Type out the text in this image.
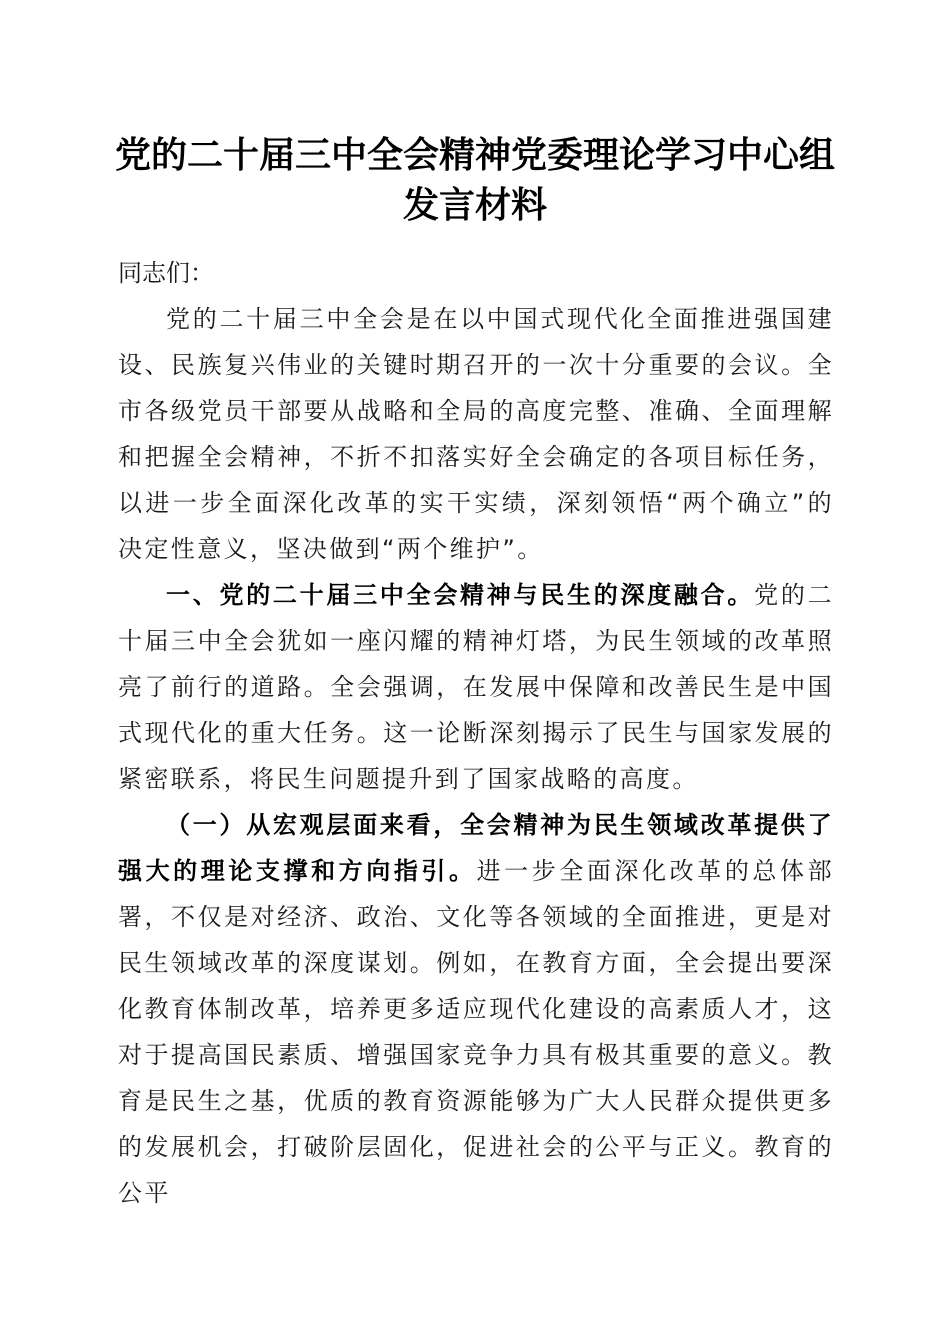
党的二十届三中全会精神党委理论学习中心组
发言材料

同志们：

党的二十届三中全会是在以中国式现代化全面推进强国建设、民族复兴伟业的关键时期召开的一次十分重要的会议。全市各级党员干部要从战略和全局的高度完整、准确、全面理解和把握全会精神，不折不扣落实好全会确定的各项目标任务，以进一步全面深化改革的实干实绩，深刻领悟“两个确立”的决定性意义，坚决做到“两个维护”。

一、党的二十届三中全会精神与民生的深度融合。党的二十届三中全会犹如一座闪耀的精神灯塔，为民生领域的改革照亮了前行的道路。全会强调，在发展中保障和改善民生是中国式现代化的重大任务。这一论断深刻揭示了民生与国家发展的紧密联系，将民生问题提升到了国家战略的高度。

（一）从宏观层面来看，全会精神为民生领域改革提供了强大的理论支撑和方向指引。进一步全面深化改革的总体部署，不仅是对经济、政治、文化等各领域的全面推进，更是对民生领域改革的深度谋划。例如，在教育方面，全会提出要深化教育体制改革，培养更多适应现代化建设的高素质人才，这对于提高国民素质、增强国家竞争力具有极其重要的意义。教育是民生之基，优质的教育资源能够为广大人民群众提供更多的发展机会，打破阶层固化，促进社会的公平与正义。教育的公平
